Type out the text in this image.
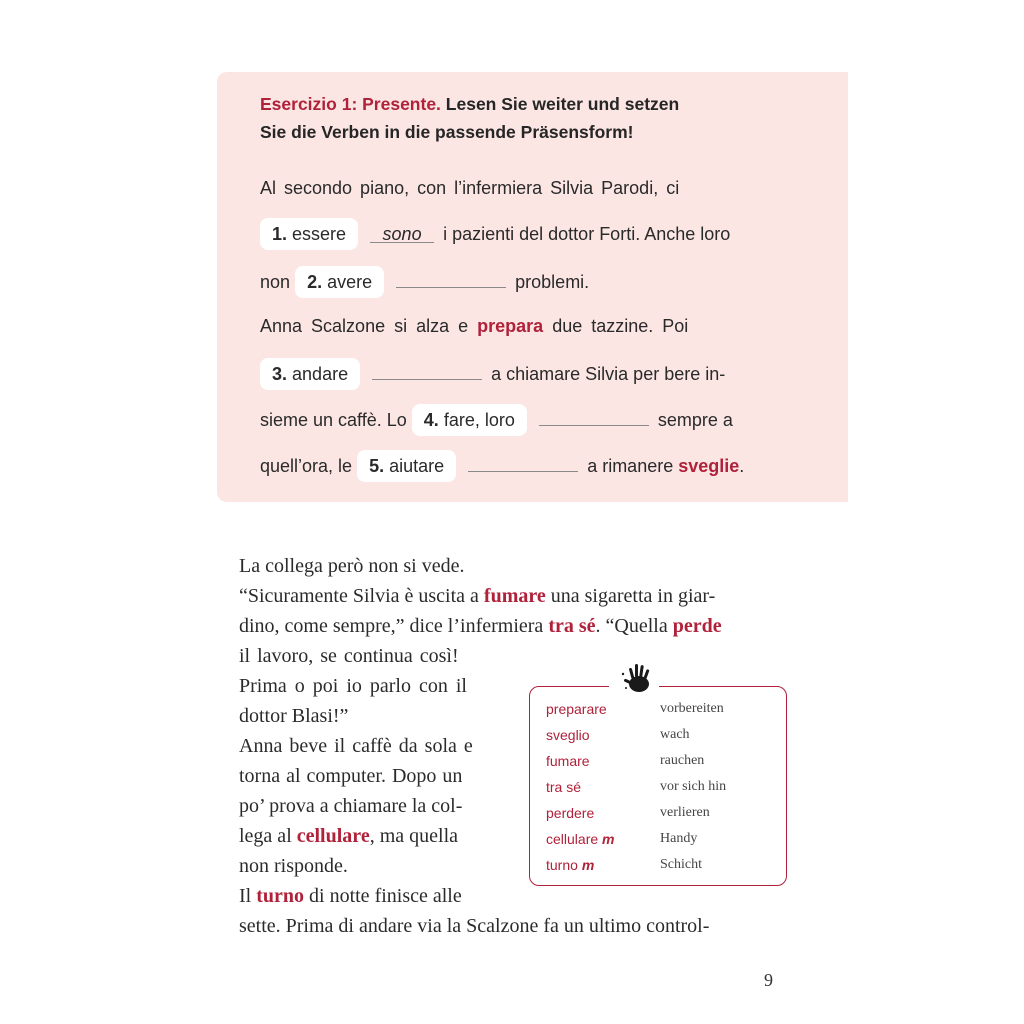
Esercizio 1: Presente. Lesen Sie weiter und setzen
Sie die Verben in die passende Präsensform!
Al secondo piano, con l’infermiera Silvia Parodi, ci
1. essere sono i pazienti del dottor Forti. Anche loro
non 2. avere	problemi.
Anna Scalzone si alza e prepara due tazzine. Poi
3. andare	a chiamare Silvia per bere in-
sieme un caffè. Lo 4. fare, loro	sempre a
quell’ora, le 5. aiutare	a rimanere sveglie.
La collega però non si vede.
“Sicuramente Silvia è uscita a fumare una sigaretta in giar-
dino, come sempre,” dice l’infermiera tra sé. “Quella perde
il lavoro, se continua così!
Prima o poi io parlo con il
dottor Blasi!”
Anna beve il caffè da sola e
torna al computer. Dopo un
po’ prova a chiamare la col-
lega al cellulare, ma quella
non risponde.
Il turno di notte finisce alle
sette. Prima di andare via la Scalzone fa un ultimo control-
preparare	vorbereiten
sveglio	wach
fumare	rauchen
tra sé	vor sich hin
perdere	verlieren
cellulare m	Handy
turno m	Schicht
9
